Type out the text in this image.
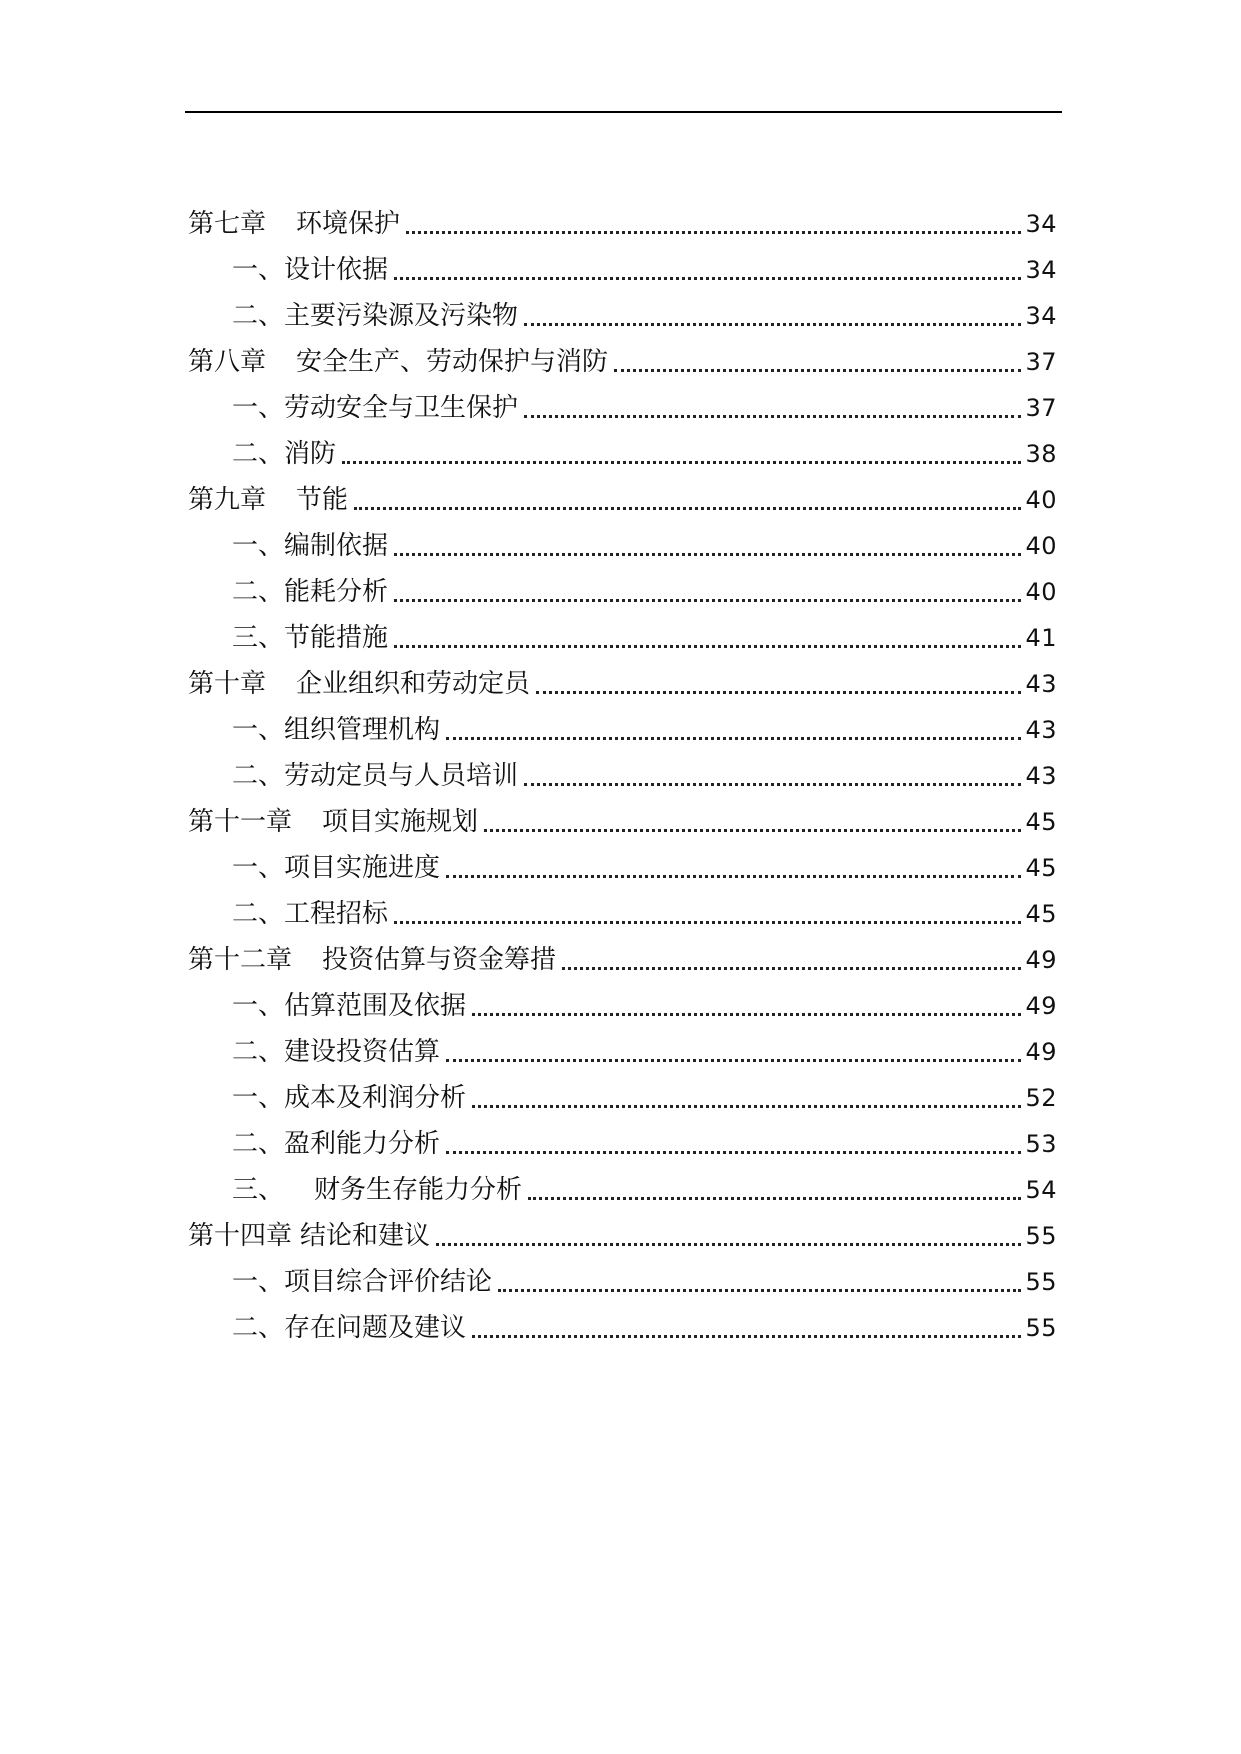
第七章 环境保护	34
一、设计依据	34
二、主要污染源及污染物	34
第八章 安全生产、劳动保护与消防	37
一、劳动安全与卫生保护	37
二、消防	38
第九章 节能	40
一、编制依据	40
二、能耗分析	40
三、节能措施	41
第十章 企业组织和劳动定员	43
一、组织管理机构	43
二、劳动定员与人员培训	43
第十一章 项目实施规划	45
一、项目实施进度	45
二、工程招标	45
第十二章 投资估算与资金筹措	49
一、估算范围及依据	49
二、建设投资估算	49
一、成本及利润分析	52
二、盈利能力分析	53
三、 财务生存能力分析	54
第十四章 结论和建议	55
一、项目综合评价结论	55
二、存在问题及建议	55
